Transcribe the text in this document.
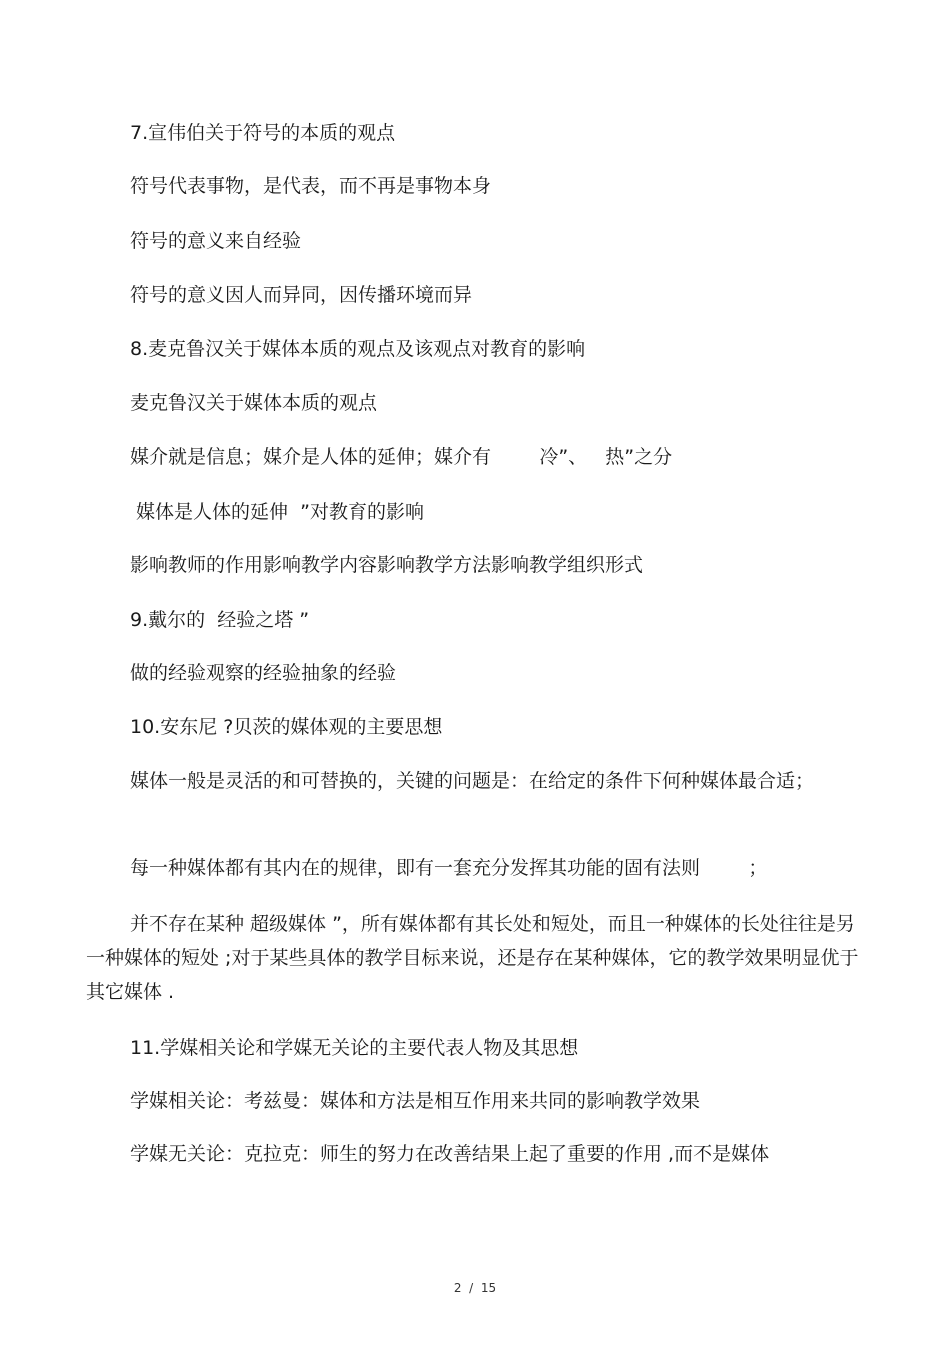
7.宣伟伯关于符号的本质的观点

符号代表事物，是代表，而不再是事物本身

符号的意义来自经验

符号的意义因人而异同，因传播环境而异

8.麦克鲁汉关于媒体本质的观点及该观点对教育的影响

麦克鲁汉关于媒体本质的观点

媒介就是信息；媒介是人体的延伸；媒介有        冷”、   热”之分

媒体是人体的延伸  ”对教育的影响

影响教师的作用影响教学内容影响教学方法影响教学组织形式

9.戴尔的  经验之塔 ”

做的经验观察的经验抽象的经验

10.安东尼 ?贝茨的媒体观的主要思想

媒体一般是灵活的和可替换的，关键的问题是：在给定的条件下何种媒体最合适；

每一种媒体都有其内在的规律，即有一套充分发挥其功能的固有法则        ；

并不存在某种 超级媒体 ”，所有媒体都有其长处和短处，而且一种媒体的长处往往是另一种媒体的短处 ;对于某些具体的教学目标来说，还是存在某种媒体，它的教学效果明显优于其它媒体 .

11.学媒相关论和学媒无关论的主要代表人物及其思想

学媒相关论：考兹曼：媒体和方法是相互作用来共同的影响教学效果

学媒无关论：克拉克：师生的努力在改善结果上起了重要的作用 ,而不是媒体

2  /  15
